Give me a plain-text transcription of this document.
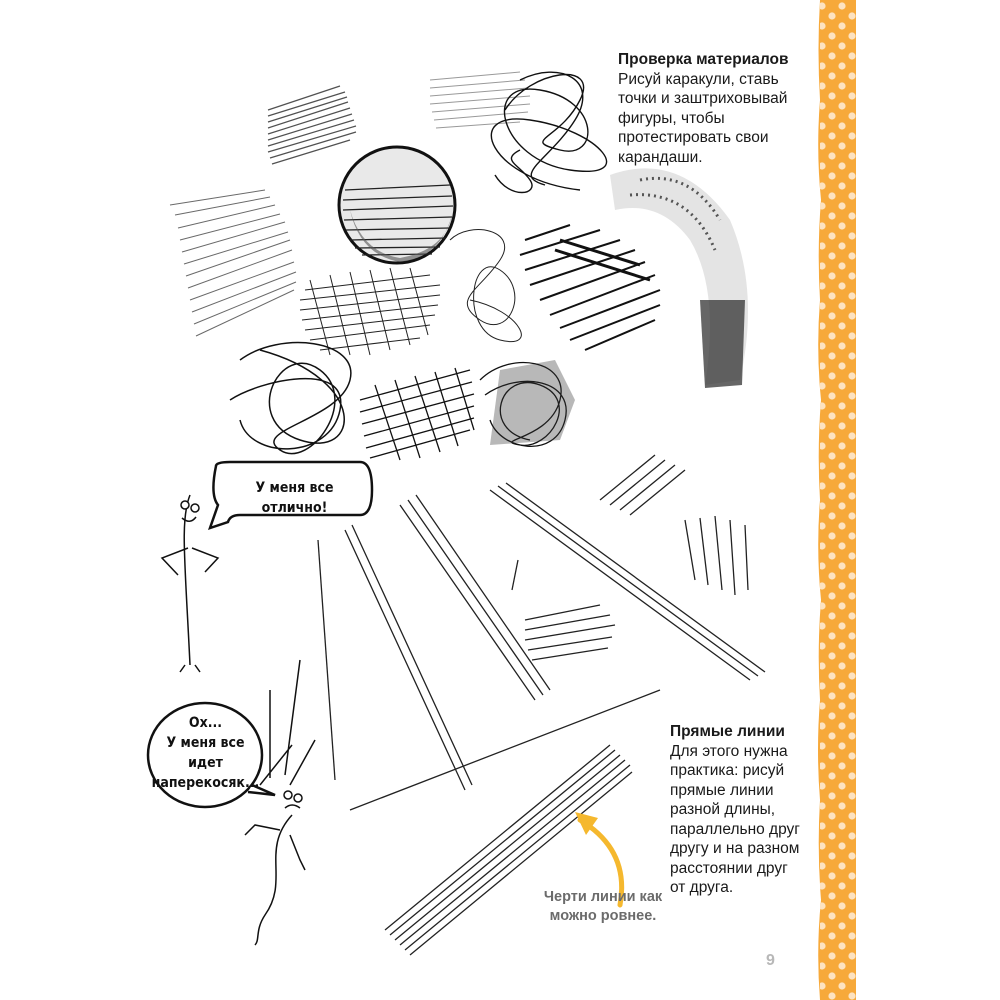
Проверка материалов
Рисуй каракули, ставь
точки и заштриховывай
фигуры, чтобы
протестировать свои
карандаши.
Прямые линии
Для этого нужна
практика: рисуй
прямые линии
разной длины,
параллельно друг
другу и на разном
расстоянии друг
от друга.
У меня все отлично!
Ох...
У меня все идет
наперекосяк...
Черти линии как
можно ровнее.
9
